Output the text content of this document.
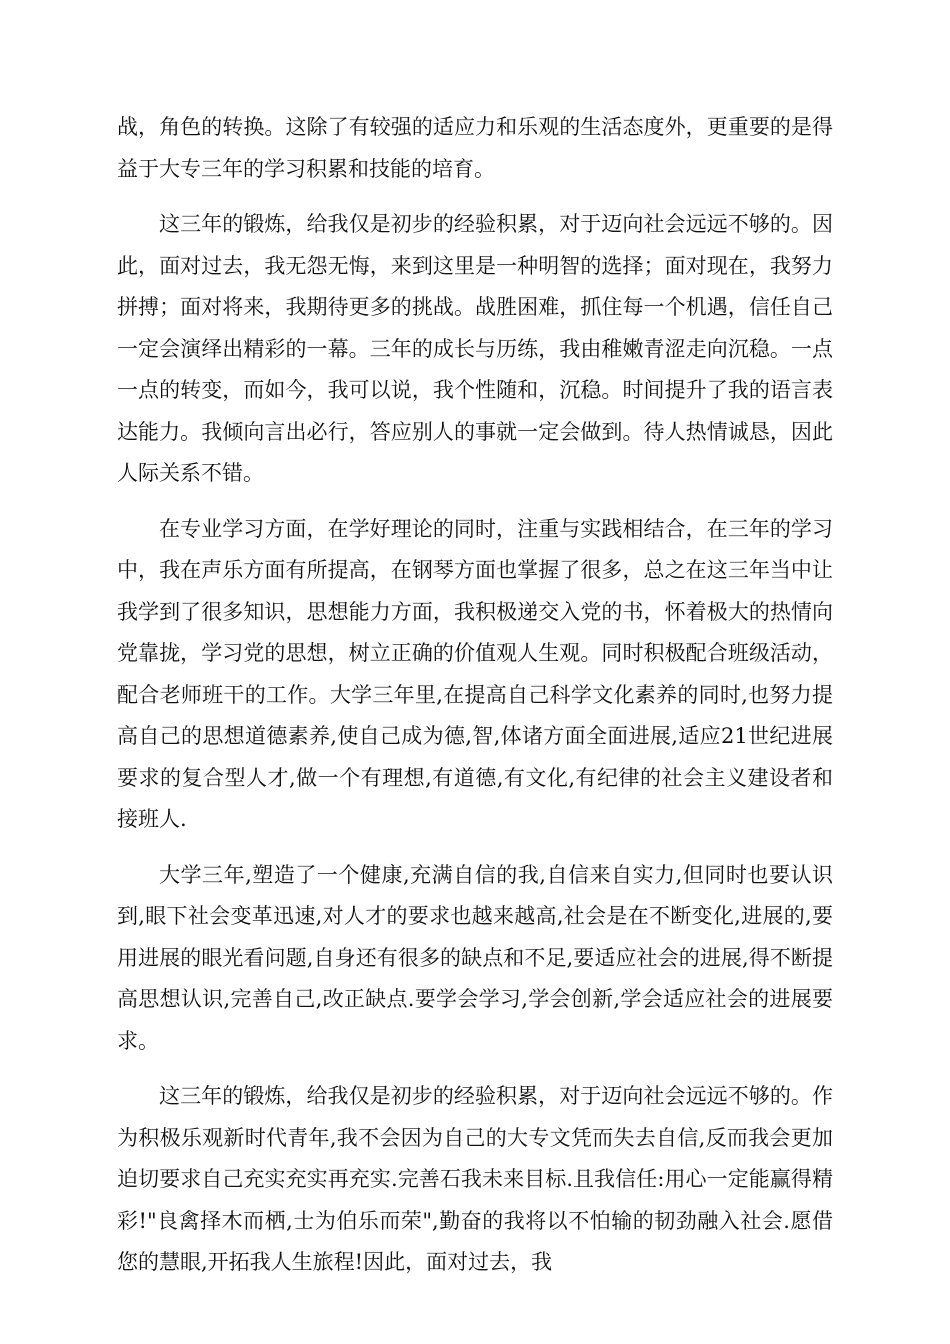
战，角色的转换。这除了有较强的适应力和乐观的生活态度外，更重要的是得益于大专三年的学习积累和技能的培育。

这三年的锻炼，给我仅是初步的经验积累，对于迈向社会远远不够的。因此，面对过去，我无怨无悔，来到这里是一种明智的选择；面对现在，我努力拼搏；面对将来，我期待更多的挑战。战胜困难，抓住每一个机遇，信任自己一定会演绎出精彩的一幕。三年的成长与历练，我由稚嫩青涩走向沉稳。一点一点的转变，而如今，我可以说，我个性随和，沉稳。时间提升了我的语言表达能力。我倾向言出必行，答应别人的事就一定会做到。待人热情诚恳，因此人际关系不错。

在专业学习方面，在学好理论的同时，注重与实践相结合，在三年的学习中，我在声乐方面有所提高，在钢琴方面也掌握了很多，总之在这三年当中让我学到了很多知识，思想能力方面，我积极递交入党的书，怀着极大的热情向党靠拢，学习党的思想，树立正确的价值观人生观。同时积极配合班级活动，配合老师班干的工作。大学三年里,在提高自己科学文化素养的同时,也努力提高自己的思想道德素养,使自己成为德,智,体诸方面全面进展,适应21世纪进展要求的复合型人才,做一个有理想,有道德,有文化,有纪律的社会主义建设者和接班人.

大学三年,塑造了一个健康,充满自信的我,自信来自实力,但同时也要认识到,眼下社会变革迅速,对人才的要求也越来越高,社会是在不断变化,进展的,要用进展的眼光看问题,自身还有很多的缺点和不足,要适应社会的进展,得不断提高思想认识,完善自己,改正缺点.要学会学习,学会创新,学会适应社会的进展要求。

这三年的锻炼，给我仅是初步的经验积累，对于迈向社会远远不够的。作为积极乐观新时代青年,我不会因为自己的大专文凭而失去自信,反而我会更加迫切要求自己充实充实再充实.完善石我未来目标.且我信任:用心一定能赢得精彩!"良禽择木而栖,士为伯乐而荣",勤奋的我将以不怕输的韧劲融入社会.愿借您的慧眼,开拓我人生旅程!因此，面对过去，我
